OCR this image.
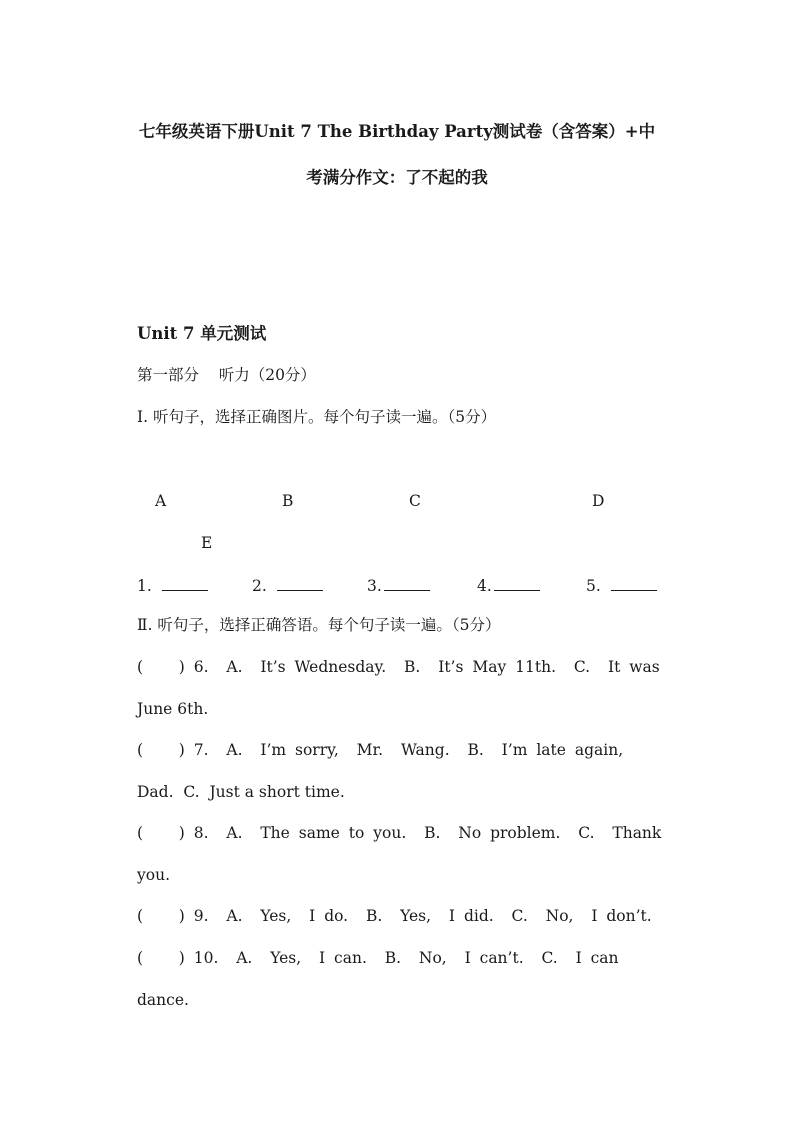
七年级英语下册Unit 7 The Birthday Party测试卷（含答案）+中
考满分作文：了不起的我
Unit 7 单元测试
第一部分    听力（20分）
Ⅰ. 听句子，选择正确图片。每个句子读一遍。（5分）
A	B	C	D
E
1.	2.	3.	4.	5.
Ⅱ. 听句子，选择正确答语。每个句子读一遍。（5分）
(    ) 6.  A.  It’s Wednesday.  B.  It’s May 11th.  C.  It was
June 6th.
(    ) 7.  A.  I’m sorry,  Mr.  Wang.  B.  I’m late again,
Dad.  C.  Just a short time.
(    ) 8.  A.  The same to you.  B.  No problem.  C.  Thank
you.
(    ) 9.  A.  Yes,  I do.  B.  Yes,  I did.  C.  No,  I don’t.
(    ) 10.  A.  Yes,  I can.  B.  No,  I can’t.  C.  I can
dance.
